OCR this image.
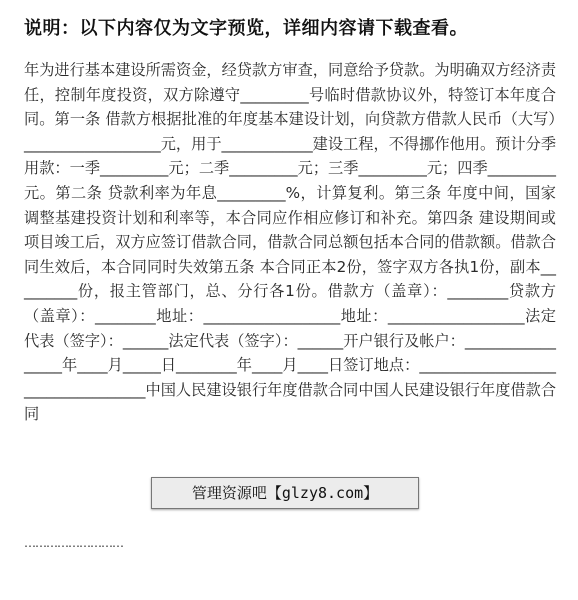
说明：以下内容仅为文字预览，详细内容请下载查看。
年为进行基本建设所需资金，经贷款方审查，同意给予贷款。为明确双方经济责任，控制年度投资，双方除遵守_________号临时借款协议外，特签订本年度合同。第一条 借款方根据批准的年度基本建设计划，向贷款方借款人民币（大写）__________________元，用于____________建设工程，不得挪作他用。预计分季用款：一季_________元；二季_________元；三季_________元；四季_________元。第二条 贷款利率为年息_________%，计算复利。第三条 年度中间，国家调整基建投资计划和利率等，本合同应作相应修订和补充。第四条 建设期间或项目竣工后，双方应签订借款合同，借款合同总额包括本合同的借款额。借款合同生效后，本合同同时失效第五条 本合同正本2份，签字双方各执1份，副本_________份，报主管部门，总、分行各1份。借款方（盖章）：________贷款方（盖章）：________地址：__________________地址：__________________法定代表（签字）：______法定代表（签字）：______开户银行及帐户：_________________年____月_____日________年____月____日签订地点：__________________________________中国人民建设银行年度借款合同中国人民建设银行年度借款合同
管理资源吧【glzy8.com】
………………………
